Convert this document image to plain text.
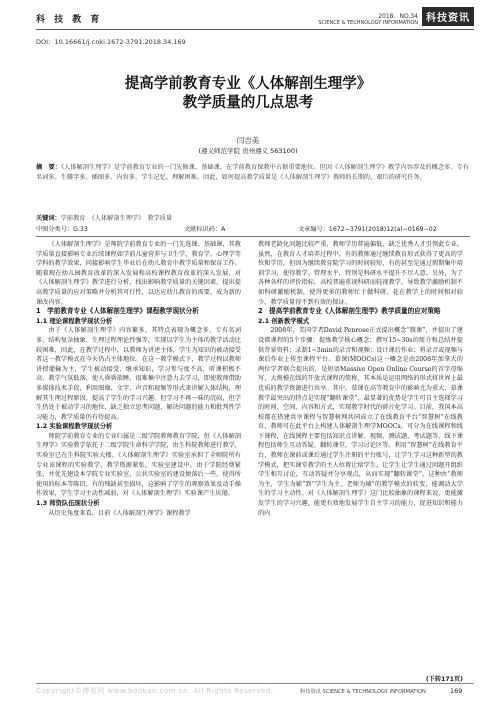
科 技 教 育	2018．NO.34
SCIENCE & TECHNOLOGY INFORMATION 科技资讯
DOI：10.16661/j.cnki.1672-3791.2018.34.169
提高学前教育专业《人体解剖生理学》
教学质量的几点思考
闫吉美
(遵义师范学院 贵州遵义 563100)
摘　要：《人体解剖生理学》是学前教育专业的一门先修课、基础课，在学前教育保教中占据重要地位。但因《人体解剖生理学》教学内容涉及的概念多、专有名词多、生僻字多、插图多、内容多、学生记忆、理解困难。因此，如何提高教学质量是《人体解剖生理学》教师的长期的、艰巨的研究任务。
关键词：学前教育　《人体解剖生理学》　教学质量
中图分类号：G.33	文献标识码：A	文章编号：1672−3791(2018)12(a)−0169−02

《人体解剖生理学》是师院学前教育专业的一门先选课、基础课，其教学质量直接影响专业后续课程如学前儿童营养与卫生学、教育学、心理学等学科的教学效果，同接影响学生毕业后在幼儿教育中教学质量和保育工作。随着现在幼儿园教育改革的深入发展和高校课程教育改革的深入发展，对《人体解剖生理学》教学进行分析，找出影响教学质量的关键因素，提出提高教学质量的应对策略并分析其可行性，以达应幼儿教育的需要，成为新的课改内容。

1　学前教育专业《人体解剖生理学》课程教学现状分析

1.1 理论课程教学现状分析

由于《人体解剖生理学》内容繁多，其特点表现为概念多、专有名词多、结构复杂抽象、生理过程理论性强等，实现以学生为主体的教学活动比较困难，因此，在教学过程中，以教师为讲述主体，学生为知识的被动接受者这一教学模式在今天仍占主体地位。在这一教学模式下，教学过程以教师讲授灌输为主，学生被动接受、继承知识，学习参与度不高，听课积极不高、教学气氛低落，使人昏昏欲睡，很难集中注意力去学习，即使教师借助多媒体技术手段，利用图像、文字、声音和视频等形式来讲解人体结构，理解其生理过程原因，提高了学生的学习兴趣，但学习不再一味的沉闷，但学生仍处于被动学习的地位，缺乏独立思考问题、解决问题的能力和批判性学习能力，教学质量仍有待提高。

1.2 实验课程教学现状分析

师院学前教育专业的专业归属是二级学院教师教育学院，但《人体解剖生理学》实验教学依托于二级学院生命科学学院，由生科院教师进行教学，实验室已在生科院实验大楼。《人体解剖生理学》实验室承担了全师院所有专业该课程的实验教学，教学资源紧张，实验室建设中，由于学院经费紧张，并优先建设本学院专业实验室，公共实验室的建设便落后一些，使得所使用的标本等陈旧，有的残缺甚至损坏，这影响了学生的观察效果及动手操作效果，学生学习主动性减弱，对《人体解剖生理学》实验课产生厌倦。

1.3 师资队伍现状分析

从历史角度来看，目前《人体解剖生理学》课程教学

教师老龄化问题比较严重，教师学历普遍偏低，缺乏优秀人才引领此专业。虽然，在教育人才培养过程中，有的教师通过继续教育形式获得了更高的学位和学历，但因为继续教育院学习的时间较短，有的甚至是通过假期集中培训学习，使得教学、管理水平，特别是科研水平提升不尽人意。另外，为了各种各样的评价指标，高校普遍重视科研而轻视教学，导致教学激励机制不如科研激励机制，使得更多的教师忙于做科研，花在教学上的时间相对较少，教学质量得不到有效的保证。

2　提高学前教育专业《人体解剖生理学》教学质量的应对策略

2.1 创新教学模式

2008年，美国学者David Penrose正式提出概念“微课”，并提出了建设微课程的5个步骤：提炼教学核心概念；撰写15~30s的简介和总结并提供背景资料；录制1~3min的录音和视频；设计课后作业；将录音或视频与课后作业上传至课程平台。慕课(MOOCs)这一概念是由2008年加拿大的两位学者联合提出的，是短语Massive Open Online Course的首字母缩写，大规模在线的开放式课程的简称，其本质是运用网络的形式将世界上最优质的教学资源进行共享。其中，慕课在高等教育中的影响尤为重大，慕课教学最突出的特点是实现“翻转课堂”，最显著的优势是学生可自主选择学习的时间、空间、内容和方式，实现教学时代的碎片化学习。目前，我国本高校都在搭建共享课程与智慧树网共同成立了在线教育平台“智慧树”在线教育，教师可在此平台上构建人体解剖生理学MOOCs，可分为在线课程和线下课程，在线课程主要包括知识点讲解、视频、测试题、考试题等，线下课程包括师生互动答疑、翻转课堂、学习讨论区等。利用“智慧树”在线教育平台，教师在课前或课后通过学生注册的平台账号，让学生学习这种新型的教学模式，把实课堂教学的主人位置让给学生，让学生让学生通过问题开组织学生相互讨论，互动答疑并分享观点，从而实现“翻转课堂”，这种由“教师为主，学生为辅”到“学生为主，老师为辅”的教学模式的转变，能调动大学生的学习主动性。对《人体解剖生理学》这门比较抽象的课程来说，更能激发学生的学习兴趣，能更有效地发展学生自主学习的能力，促进知识和能力的内

(下转171页)
Copyright©博看网 www.bookan.com.cn. All Rights Reserved.	科技资讯 SCIENCE & TECHNOLOGY INFORMATION	169
